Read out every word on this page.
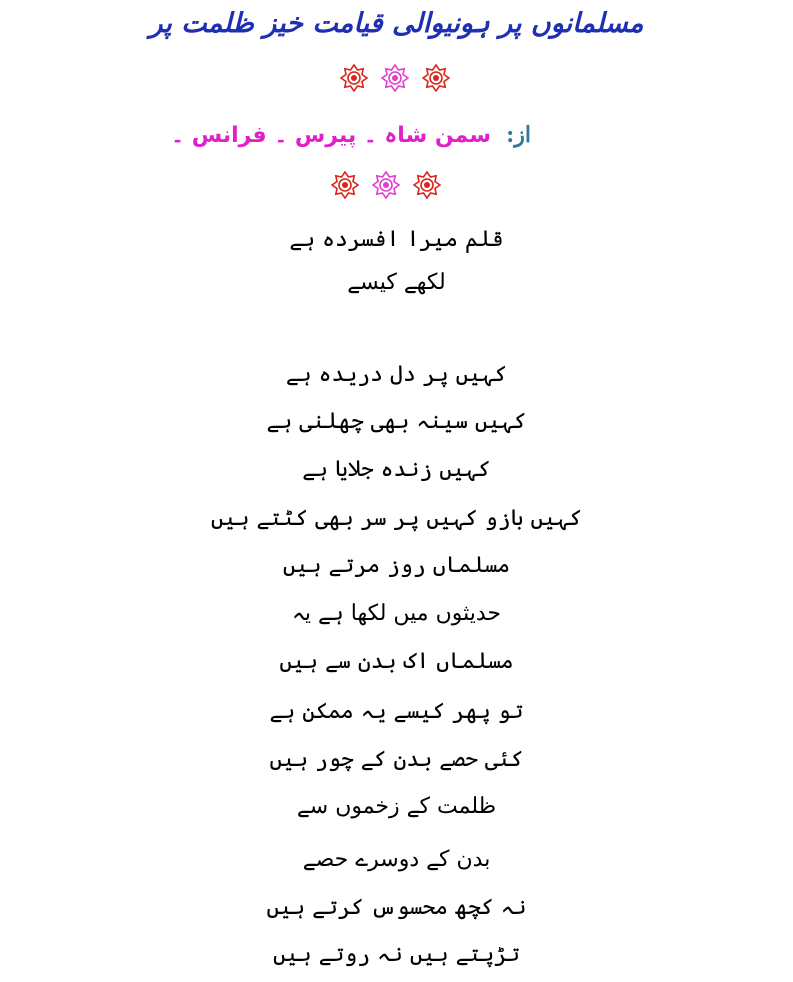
مسلمانوں پر ہونیوالی قیامت خیز ظلمت پر
از: سمن شاہ ۔ پیرس ۔ فرانس ۔
قلم میرا افسردہ ہے
لکھے کیسے
کہیں پر دل دریدہ ہے
کہیں سینہ بھی چھلنی ہے
کہیں زندہ جلایا ہے
کہیں بازو کہیں پر سر بھی کٹتے ہیں
مسلماں روز مرتے ہیں
حدیثوں میں لکھا ہے یہ
مسلماں اک بدن سے ہیں
تو پھر کیسے یہ ممکن ہے
کئی حصے بدن کے چور ہیں
ظلمت کے زخموں سے
بدن کے دوسرے حصے
نہ کچھ محسوس کرتے ہیں
تڑپتے ہیں نہ روتے ہیں
